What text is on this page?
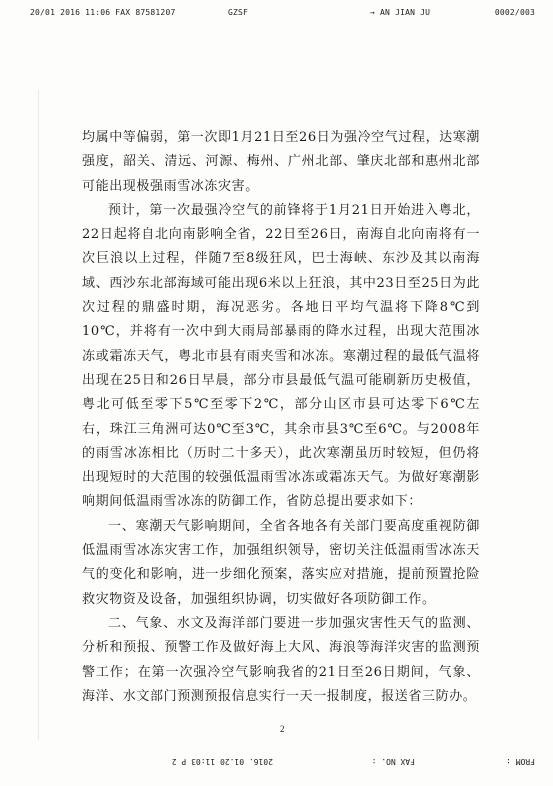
20/01 2016 11:06 FAX 87581207	GZSF	→ AN JIAN JU	0002/003

均属中等偏弱，第一次即1月21日至26日为强冷空气过程，达寒潮强度，韶关、清远、河源、梅州、广州北部、肇庆北部和惠州北部可能出现极强雨雪冰冻灾害。

预计，第一次最强冷空气的前锋将于1月21日开始进入粤北，22日起将自北向南影响全省，22日至26日，南海自北向南将有一次巨浪以上过程，伴随7至8级狂风，巴士海峡、东沙及其以南海域、西沙东北部海域可能出现6米以上狂浪，其中23日至25日为此次过程的鼎盛时期，海况恶劣。各地日平均气温将下降8℃到10℃，并将有一次中到大雨局部暴雨的降水过程，出现大范围冰冻或霜冻天气，粤北市县有雨夹雪和冰冻。寒潮过程的最低气温将出现在25日和26日早晨，部分市县最低气温可能刷新历史极值，粤北可低至零下5℃至零下2℃，部分山区市县可达零下6℃左右，珠江三角洲可达0℃至3℃，其余市县3℃至6℃。与2008年的雨雪冰冻相比（历时二十多天），此次寒潮虽历时较短，但仍将出现短时的大范围的较强低温雨雪冰冻或霜冻天气。为做好寒潮影响期间低温雨雪冰冻的防御工作，省防总提出要求如下：

一、寒潮天气影响期间，全省各地各有关部门要高度重视防御低温雨雪冰冻灾害工作，加强组织领导，密切关注低温雨雪冰冻天气的变化和影响，进一步细化预案，落实应对措施，提前预置抢险救灾物资及设备，加强组织协调，切实做好各项防御工作。

二、气象、水文及海洋部门要进一步加强灾害性天气的监测、分析和预报、预警工作及做好海上大风、海浪等海洋灾害的监测预警工作；在第一次强冷空气影响我省的21日至26日期间，气象、海洋、水文部门预测预报信息实行一天一报制度，报送省三防办。

2
FROM :
FAX NO. :
2016. 01.20 11:03 P 2
